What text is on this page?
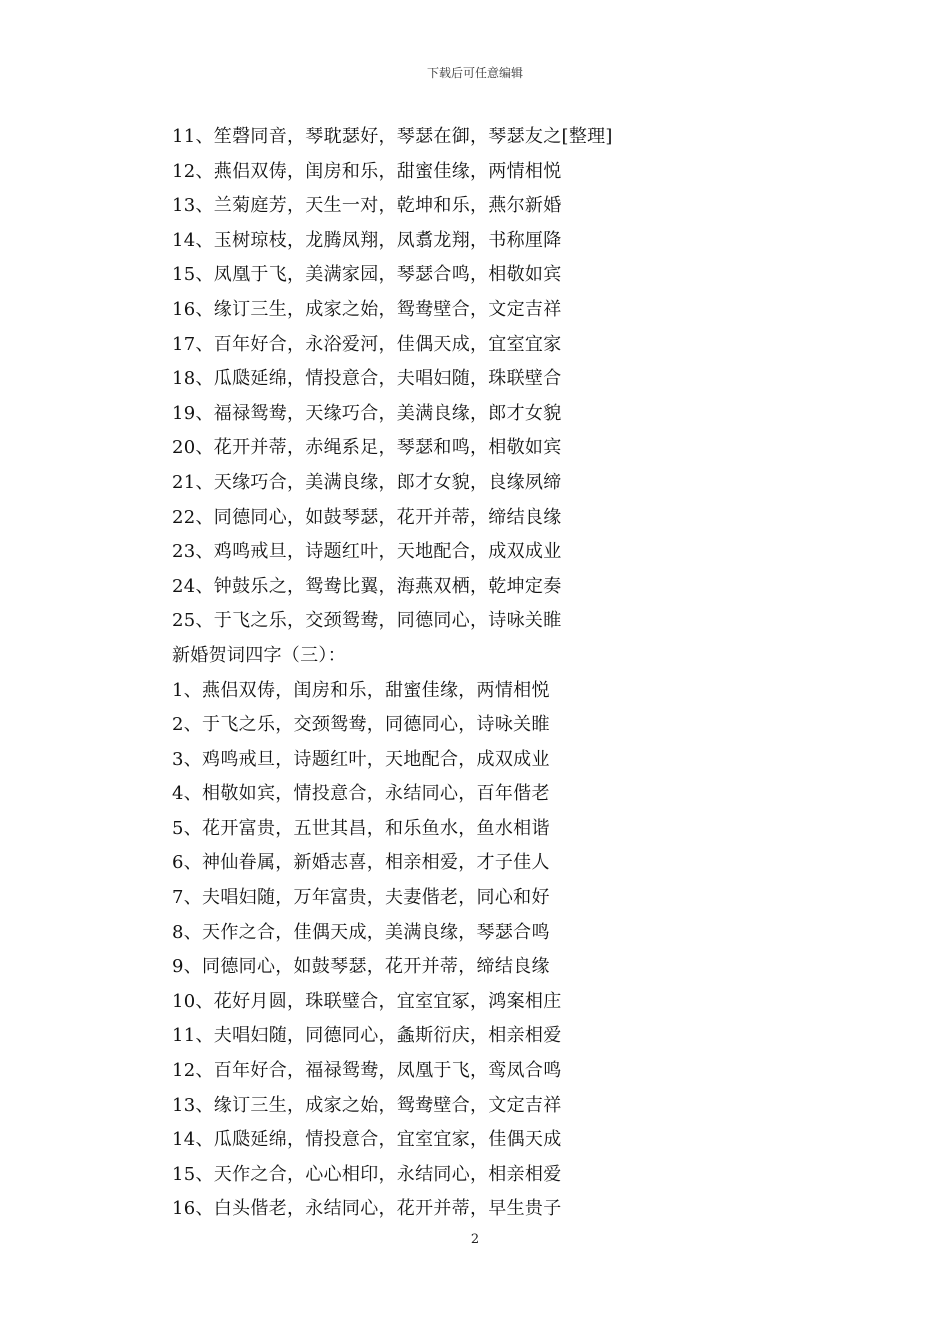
下载后可任意编辑
11、笙磬同音，琴耽瑟好，琴瑟在御，琴瑟友之[整理]
12、燕侣双俦，闺房和乐，甜蜜佳缘，两情相悦
13、兰菊庭芳，天生一对，乾坤和乐，燕尔新婚
14、玉树琼枝，龙腾凤翔，凤翥龙翔，书称厘降
15、凤凰于飞，美满家园，琴瑟合鸣，相敬如宾
16、缘订三生，成家之始，鸳鸯壁合，文定吉祥
17、百年好合，永浴爱河，佳偶天成，宜室宜家
18、瓜瓞延绵，情投意合，夫唱妇随，珠联壁合
19、福禄鸳鸯，天缘巧合，美满良缘，郎才女貌
20、花开并蒂，赤绳系足，琴瑟和鸣，相敬如宾
21、天缘巧合，美满良缘，郎才女貌，良缘夙缔
22、同德同心，如鼓琴瑟，花开并蒂，缔结良缘
23、鸡鸣戒旦，诗题红叶，天地配合，成双成业
24、钟鼓乐之，鸳鸯比翼，海燕双栖，乾坤定奏
25、于飞之乐，交颈鸳鸯，同德同心，诗咏关睢
新婚贺词四字（三）：
1、燕侣双俦，闺房和乐，甜蜜佳缘，两情相悦
2、于飞之乐，交颈鸳鸯，同德同心，诗咏关睢
3、鸡鸣戒旦，诗题红叶，天地配合，成双成业
4、相敬如宾，情投意合，永结同心，百年偕老
5、花开富贵，五世其昌，和乐鱼水，鱼水相谐
6、神仙眷属，新婚志喜，相亲相爱，才子佳人
7、夫唱妇随，万年富贵，夫妻偕老，同心和好
8、天作之合，佳偶天成，美满良缘，琴瑟合鸣
9、同德同心，如鼓琴瑟，花开并蒂，缔结良缘
10、花好月圆，珠联璧合，宜室宜冢，鸿案相庄
11、夫唱妇随，同德同心，螽斯衍庆，相亲相爱
12、百年好合，福禄鸳鸯，凤凰于飞，鸾凤合鸣
13、缘订三生，成家之始，鸳鸯壁合，文定吉祥
14、瓜瓞延绵，情投意合，宜室宜家，佳偶天成
15、天作之合，心心相印，永结同心，相亲相爱
16、白头偕老，永结同心，花开并蒂，早生贵子
2
